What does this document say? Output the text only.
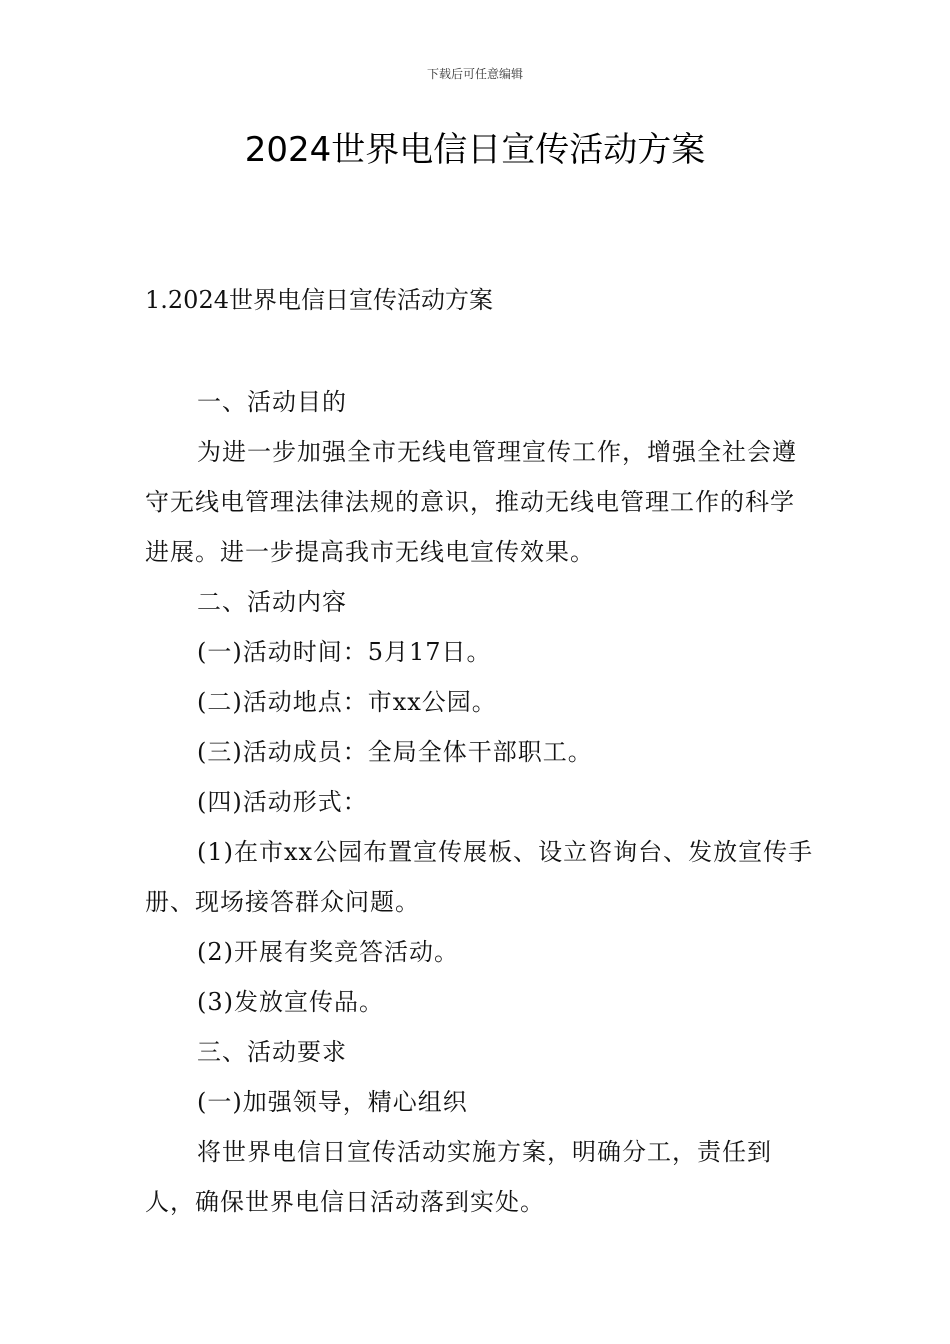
下载后可任意编辑
2024世界电信日宣传活动方案
1.2024世界电信日宣传活动方案

一、活动目的

为进一步加强全市无线电管理宣传工作，增强全社会遵守无线电管理法律法规的意识，推动无线电管理工作的科学进展。进一步提高我市无线电宣传效果。

二、活动内容

(一)活动时间：5月17日。

(二)活动地点：市xx公园。

(三)活动成员：全局全体干部职工。

(四)活动形式：

(1)在市xx公园布置宣传展板、设立咨询台、发放宣传手册、现场接答群众问题。

(2)开展有奖竞答活动。

(3)发放宣传品。

三、活动要求

(一)加强领导，精心组织

将世界电信日宣传活动实施方案，明确分工，责任到人，确保世界电信日活动落到实处。
